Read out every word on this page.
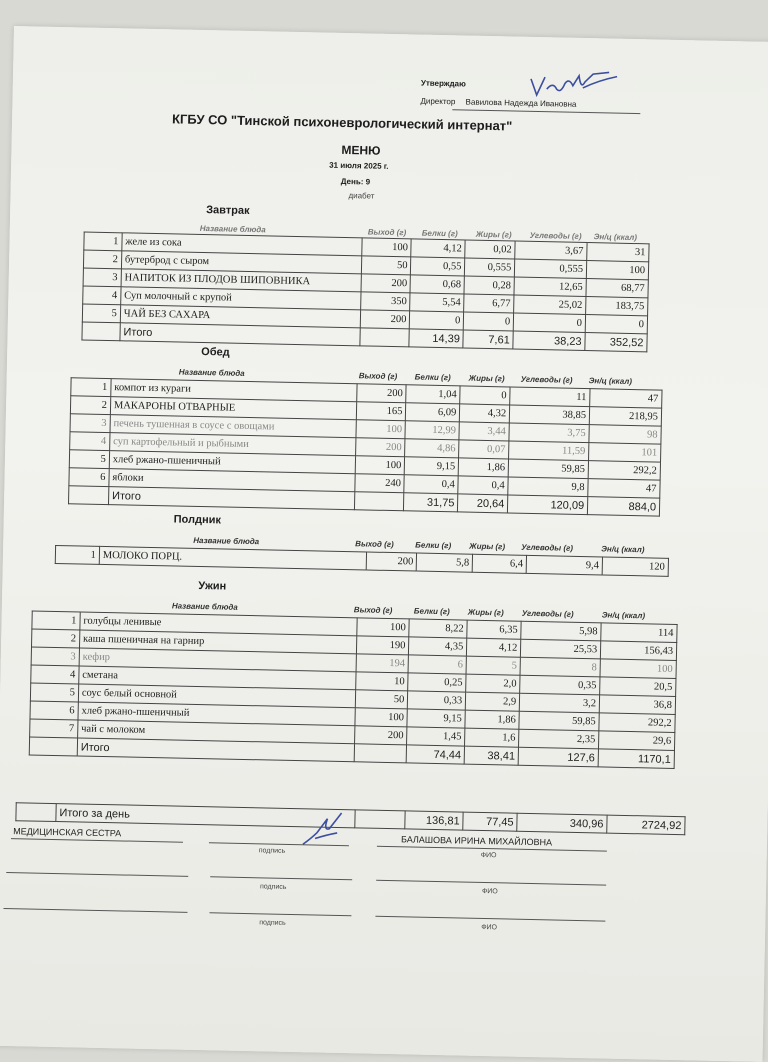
Утверждаю
Директор Вавилова Надежда Ивановна
КГБУ СО "Тинской психоневрологический интернат"
МЕНЮ
31 июля 2025 г.
День: 9
диабет
Завтрак
Название блюда	Выход (г) Белки (г) Жиры (г) Углеводы (г) Эн/ц (ккал)
1	желе из сока	100	4,12	0,02	3,67	31
2	бутерброд с сыром	50	0,55	0,555	0,555	100
3	НАПИТОК ИЗ ПЛОДОВ ШИПОВНИКА	200	0,68	0,28	12,65	68,77
4	Суп молочный с крупой	350	5,54	6,77	25,02	183,75
5	ЧАЙ БЕЗ САХАРА	200	0	0	0	0
	Итого		14,39	7,61	38,23	352,52
Обед
Название блюда	Выход (г) Белки (г) Жиры (г) Углеводы (г) Эн/ц (ккал)
1	компот из кураги	200	1,04	0	11	47
2	МАКАРОНЫ ОТВАРНЫЕ	165	6,09	4,32	38,85	218,95
3	печень тушенная в соусе с овощами	100	12,99	3,44	3,75	98
4	суп картофельный и рыбными	200	4,86	0,07	11,59	101
5	хлеб ржано-пшеничный	100	9,15	1,86	59,85	292,2
6	яблоки	240	0,4	0,4	9,8	47
	Итого		31,75	20,64	120,09	884,0
Полдник
Название блюда	Выход (г)	Белки (г) Жиры (г) Углеводы (г)	Эн/ц (ккал)
1	МОЛОКО ПОРЦ.	200	5,8	6,4	9,4	120
Ужин
Название блюда	Выход (г)	Белки (г) Жиры (г) Углеводы (г)	Эн/ц (ккал)
1	голубцы ленивые	100	8,22	6,35	5,98	114
2	каша пшеничная на гарнир	190	4,35	4,12	25,53	156,43
3	кефир	194	6	5	8	100
4	сметана	10	0,25	2,0	0,35	20,5
5	соус белый основной	50	0,33	2,9	3,2	36,8
6	хлеб ржано-пшеничный	100	9,15	1,86	59,85	292,2
7	чай с молоком	200	1,45	1,6	2,35	29,6
	Итого		74,44	38,41	127,6	1170,1
	Итого за день		136,81	77,45	340,96	2724,92
МЕДИЦИНСКАЯ СЕСТРА
БАЛАШОВА ИРИНА МИХАЙЛОВНА
подпись
ФИО
подпись
ФИО
подпись
ФИО
